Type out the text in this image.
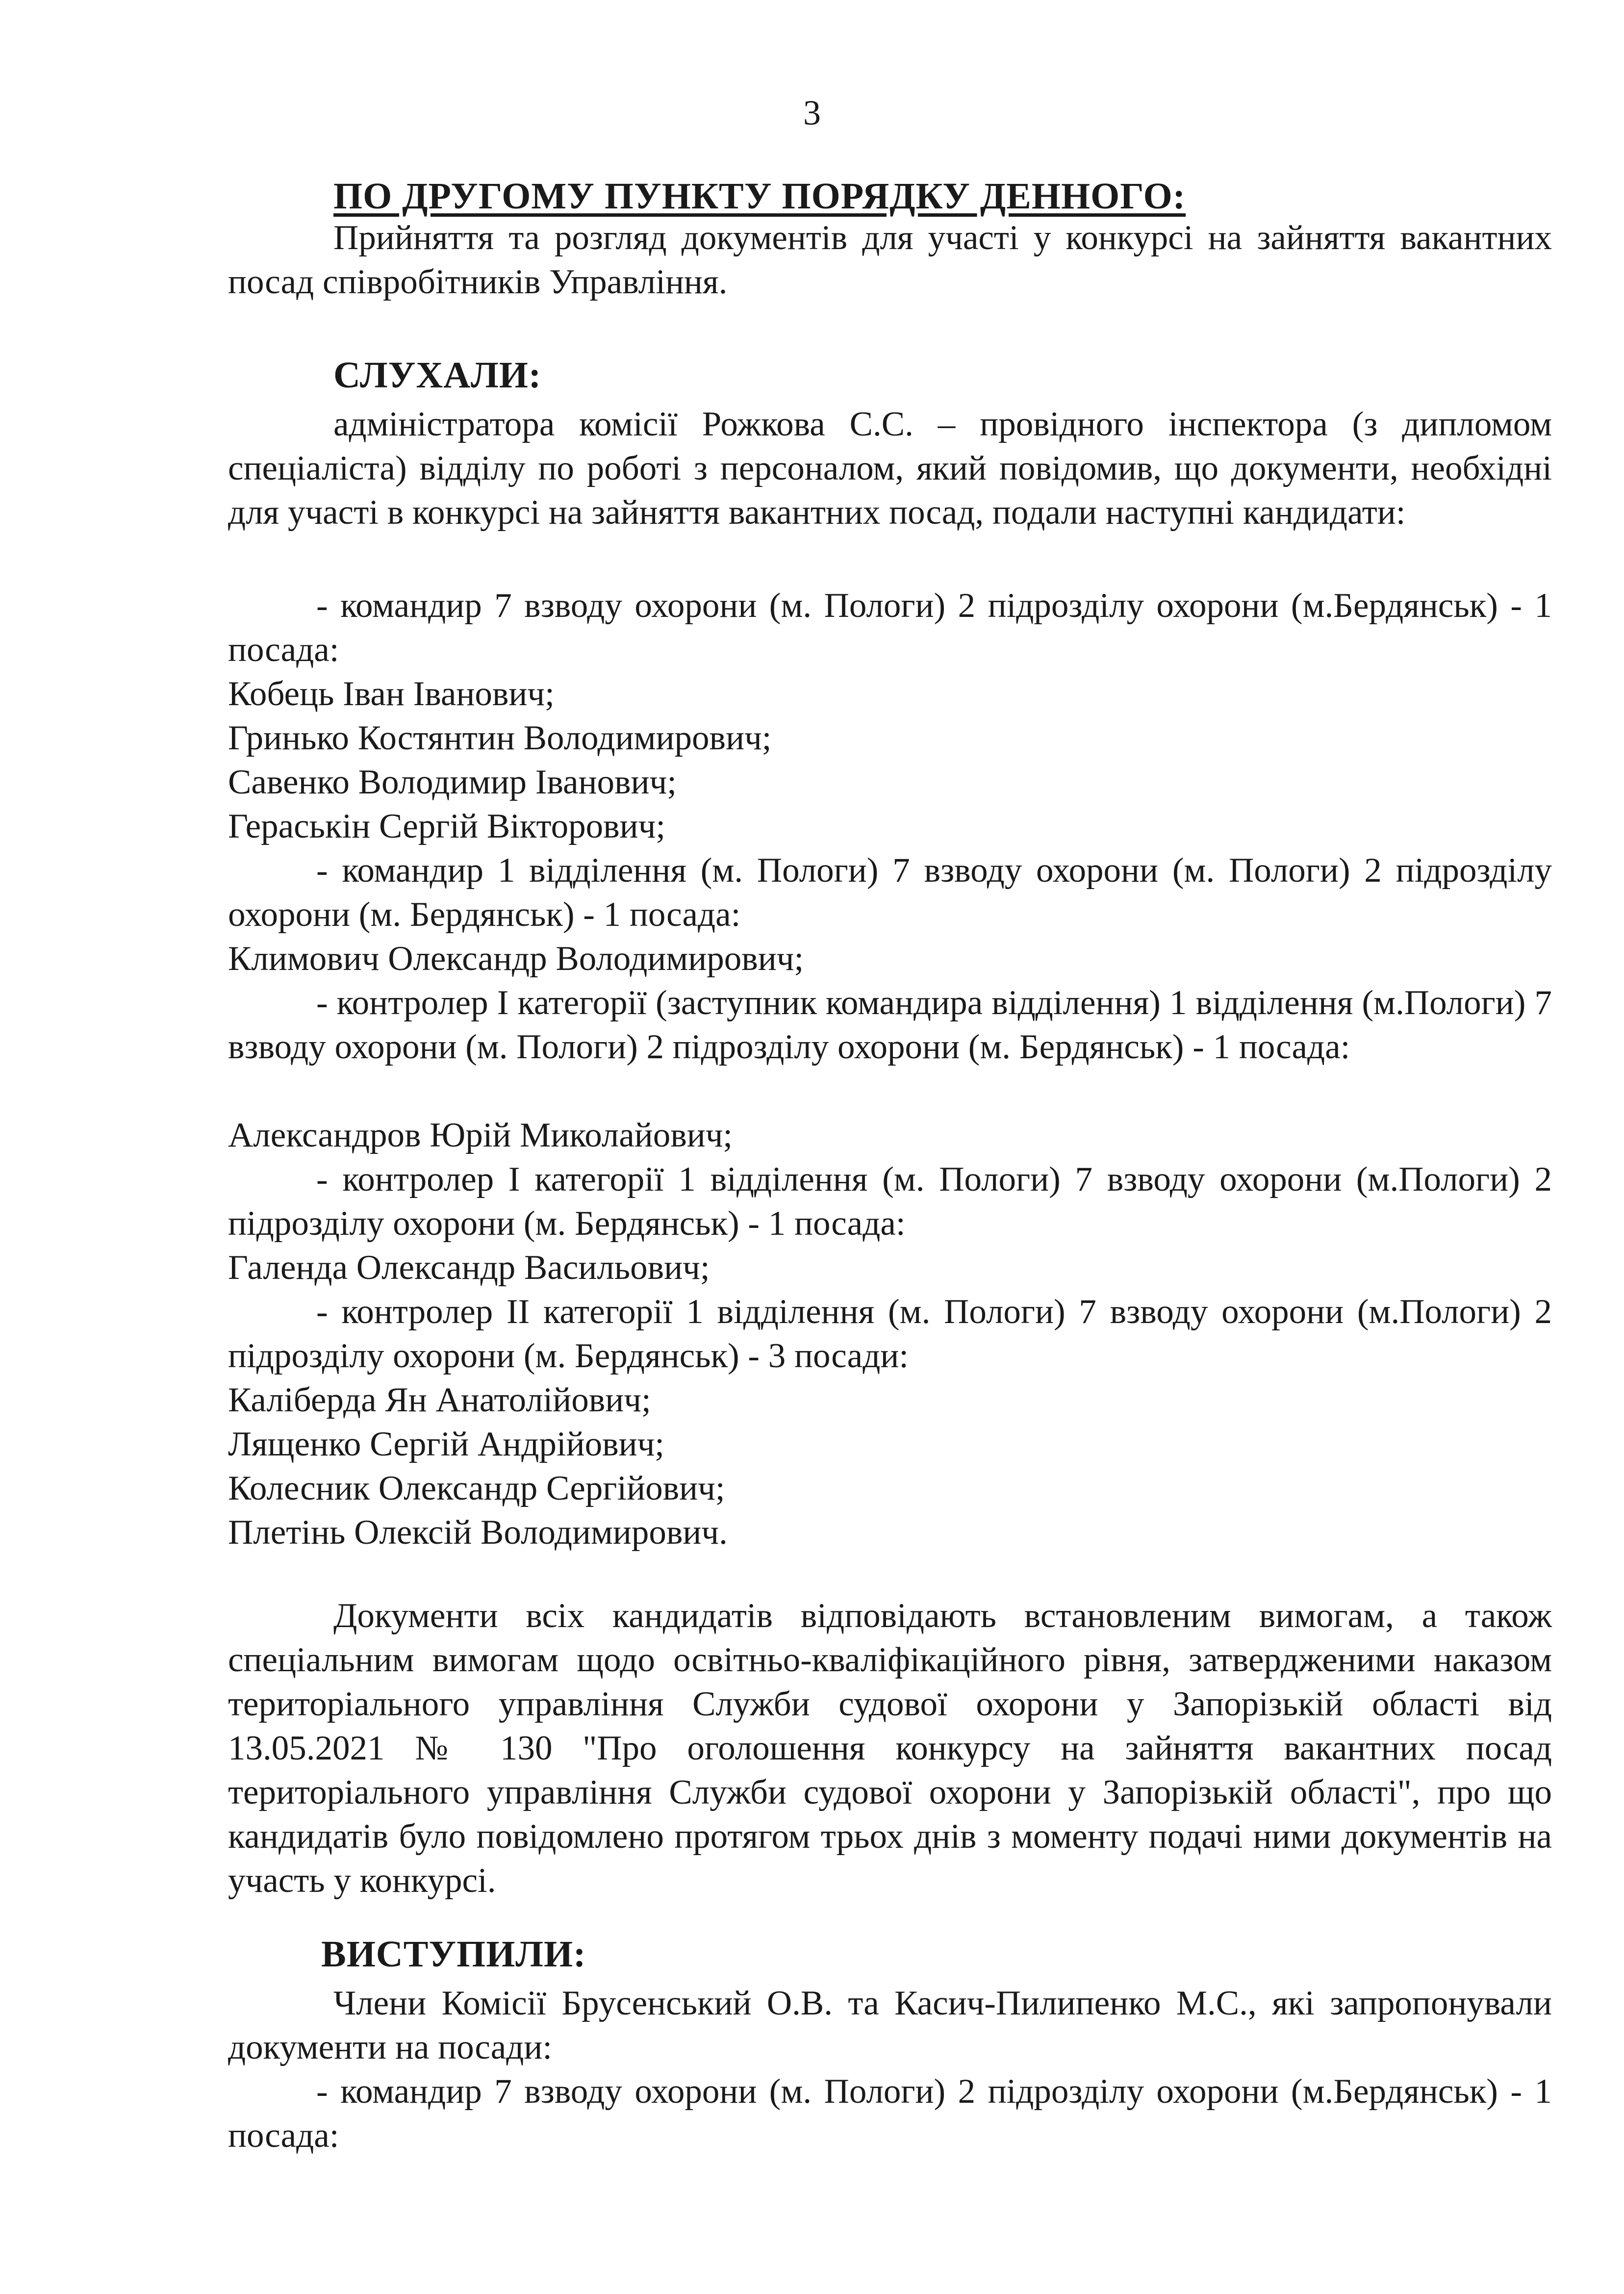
3
ПО ДРУГОМУ ПУНКТУ ПОРЯДКУ ДЕННОГО:

Прийняття та розгляд документів для участі у конкурсі на зайняття вакантних посад співробітників Управління.

СЛУХАЛИ:

адміністратора комісії Рожкова С.С. – провідного інспектора (з дипломом спеціаліста) відділу по роботі з персоналом, який повідомив, що документи, необхідні для участі в конкурсі на зайняття вакантних посад, подали наступні кандидати:

- командир 7 взводу охорони (м. Пологи) 2 підрозділу охорони (м.Бердянськ) - 1 посада:

Кобець Іван Іванович;
Гринько Костянтин Володимирович;
Савенко Володимир Іванович;
Гераськін Сергій Вікторович;

- командир 1 відділення (м. Пологи) 7 взводу охорони (м. Пологи) 2 підрозділу охорони (м. Бердянськ) - 1 посада:

Климович Олександр Володимирович;

- контролер І категорії (заступник командира відділення) 1 відділення (м.Пологи) 7 взводу охорони (м. Пологи) 2 підрозділу охорони (м. Бердянськ) - 1 посада:

Александров Юрій Миколайович;

- контролер І категорії 1 відділення (м. Пологи) 7 взводу охорони (м.Пологи) 2 підрозділу охорони (м. Бердянськ) - 1 посада:

Галенда Олександр Васильович;

- контролер ІІ категорії 1 відділення (м. Пологи) 7 взводу охорони (м.Пологи) 2 підрозділу охорони (м. Бердянськ) - 3 посади:

Каліберда Ян Анатолійович;
Лященко Сергій Андрійович;
Колесник Олександр Сергійович;
Плетінь Олексій Володимирович.

Документи всіх кандидатів відповідають встановленим вимогам, а також спеціальним вимогам щодо освітньо-кваліфікаційного рівня, затвердженими наказом територіального управління Служби судової охорони у Запорізькій області від 13.05.2021 № 130 "Про оголошення конкурсу на зайняття вакантних посад територіального управління Служби судової охорони у Запорізькій області", про що кандидатів було повідомлено протягом трьох днів з моменту подачі ними документів на участь у конкурсі.

ВИСТУПИЛИ:

Члени Комісії Брусенський О.В. та Касич-Пилипенко М.С., які запропонували документи на посади:

- командир 7 взводу охорони (м. Пологи) 2 підрозділу охорони (м.Бердянськ) - 1 посада:
